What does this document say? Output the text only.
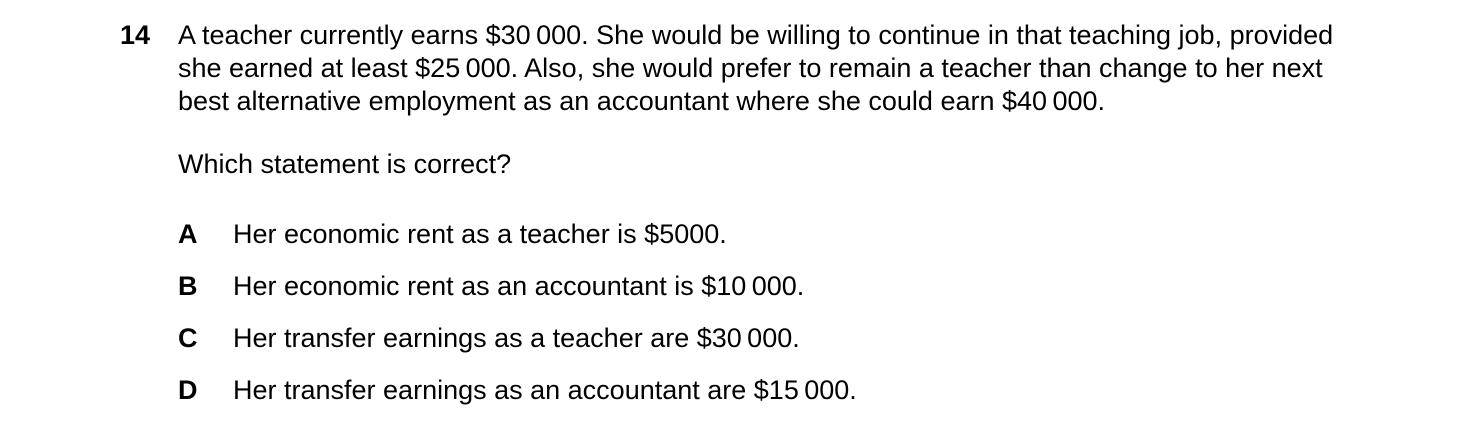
14	A teacher currently earns $30 000. She would be willing to continue in that teaching job, provided
she earned at least $25 000. Also, she would prefer to remain a teacher than change to her next
best alternative employment as an accountant where she could earn $40 000.
Which statement is correct?
A	Her economic rent as a teacher is $5000.
B	Her economic rent as an accountant is $10 000.
C	Her transfer earnings as a teacher are $30 000.
D	Her transfer earnings as an accountant are $15 000.
